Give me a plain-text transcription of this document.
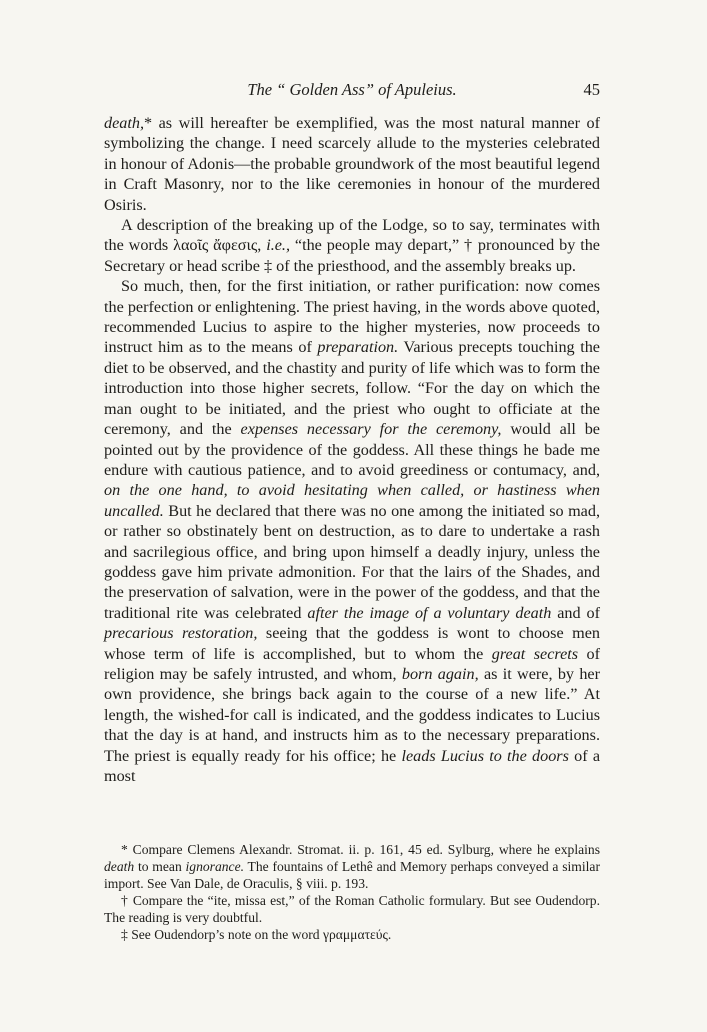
The “ Golden Ass” of Apuleius.	45

death,* as will hereafter be exemplified, was the most natural manner of symbolizing the change. I need scarcely allude to the mysteries celebrated in honour of Adonis—the probable groundwork of the most beautiful legend in Craft Masonry, nor to the like ceremonies in honour of the murdered Osiris.

A description of the breaking up of the Lodge, so to say, terminates with the words λαοῖς ἄφεσις, i.e., “the people may depart,” † pronounced by the Secretary or head scribe ‡ of the priesthood, and the assembly breaks up.

So much, then, for the first initiation, or rather purification: now comes the perfection or enlightening. The priest having, in the words above quoted, recommended Lucius to aspire to the higher mysteries, now proceeds to instruct him as to the means of preparation. Various precepts touching the diet to be observed, and the chastity and purity of life which was to form the introduction into those higher secrets, follow. “For the day on which the man ought to be initiated, and the priest who ought to officiate at the ceremony, and the expenses necessary for the ceremony, would all be pointed out by the providence of the goddess. All these things he bade me endure with cautious patience, and to avoid greediness or contumacy, and, on the one hand, to avoid hesitating when called, or hastiness when uncalled. But he declared that there was no one among the initiated so mad, or rather so obstinately bent on destruction, as to dare to undertake a rash and sacrilegious office, and bring upon himself a deadly injury, unless the goddess gave him private admonition. For that the lairs of the Shades, and the preservation of salvation, were in the power of the goddess, and that the traditional rite was celebrated after the image of a voluntary death and of precarious restoration, seeing that the goddess is wont to choose men whose term of life is accomplished, but to whom the great secrets of religion may be safely intrusted, and whom, born again, as it were, by her own providence, she brings back again to the course of a new life.” At length, the wished-for call is indicated, and the goddess indicates to Lucius that the day is at hand, and instructs him as to the necessary preparations. The priest is equally ready for his office; he leads Lucius to the doors of a most

* Compare Clemens Alexandr. Stromat. ii. p. 161, 45 ed. Sylburg, where he explains death to mean ignorance. The fountains of Lethê and Memory perhaps conveyed a similar import. See Van Dale, de Oraculis, § viii. p. 193.

† Compare the “ite, missa est,” of the Roman Catholic formulary. But see Oudendorp. The reading is very doubtful.

‡ See Oudendorp’s note on the word γραμματεύς.
